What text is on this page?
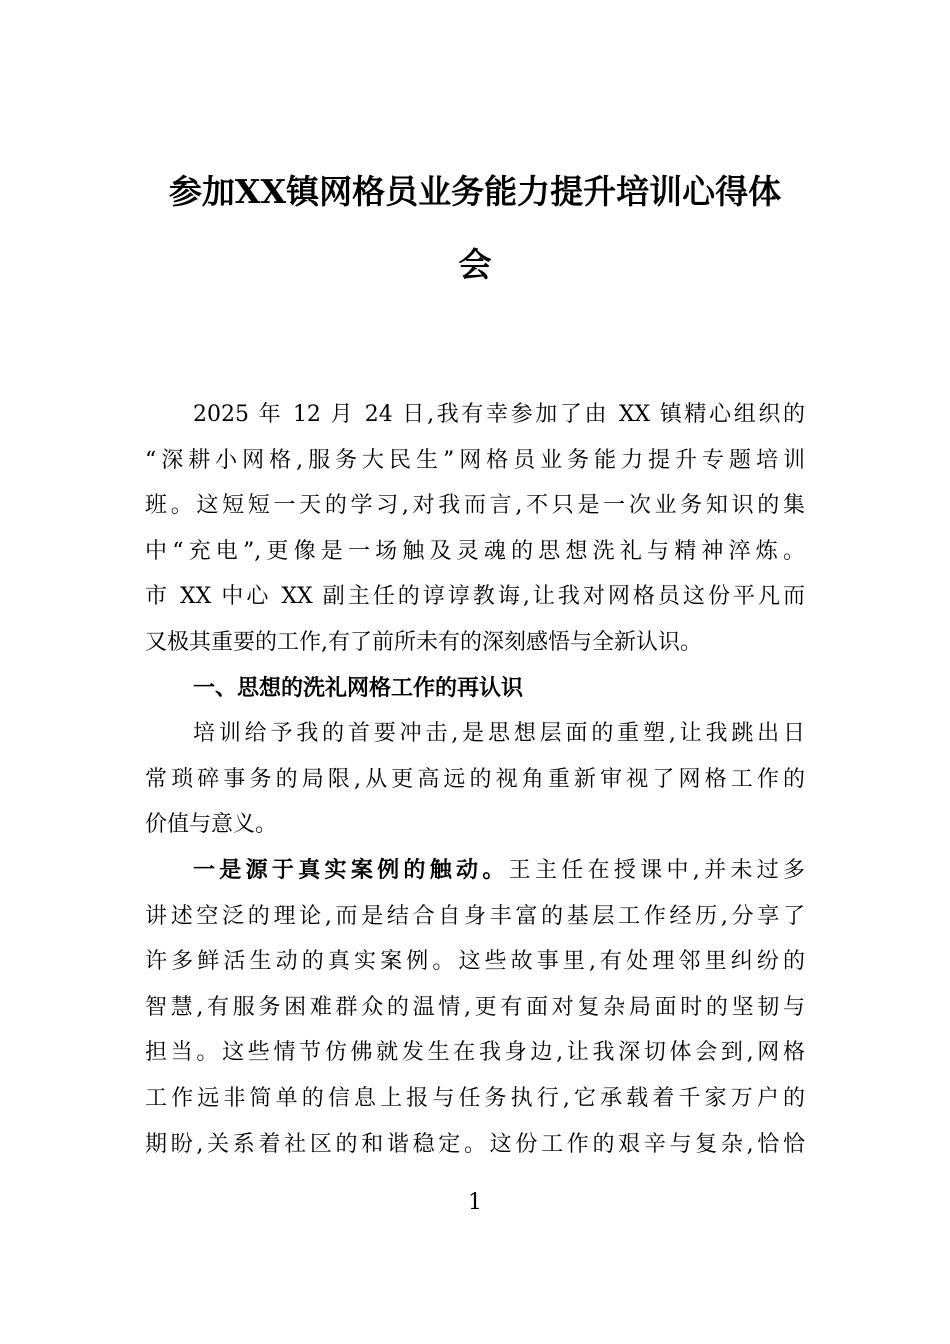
参加XX镇网格员业务能力提升培训心得体
会
2025 年 12 月 24 日,我有幸参加了由 XX 镇精心组织的
“深耕小网格,服务大民生”网格员业务能力提升专题培训
班。这短短一天的学习,对我而言,不只是一次业务知识的集
中“充电”,更像是一场触及灵魂的思想洗礼与精神淬炼。
市 XX 中心 XX 副主任的谆谆教诲,让我对网格员这份平凡而
又极其重要的工作,有了前所未有的深刻感悟与全新认识。
一、思想的洗礼网格工作的再认识
培训给予我的首要冲击,是思想层面的重塑,让我跳出日
常琐碎事务的局限,从更高远的视角重新审视了网格工作的
价值与意义。
一是源于真实案例的触动。王主任在授课中,并未过多
讲述空泛的理论,而是结合自身丰富的基层工作经历,分享了
许多鲜活生动的真实案例。这些故事里,有处理邻里纠纷的
智慧,有服务困难群众的温情,更有面对复杂局面时的坚韧与
担当。这些情节仿佛就发生在我身边,让我深切体会到,网格
工作远非简单的信息上报与任务执行,它承载着千家万户的
期盼,关系着社区的和谐稳定。这份工作的艰辛与复杂,恰恰
1
